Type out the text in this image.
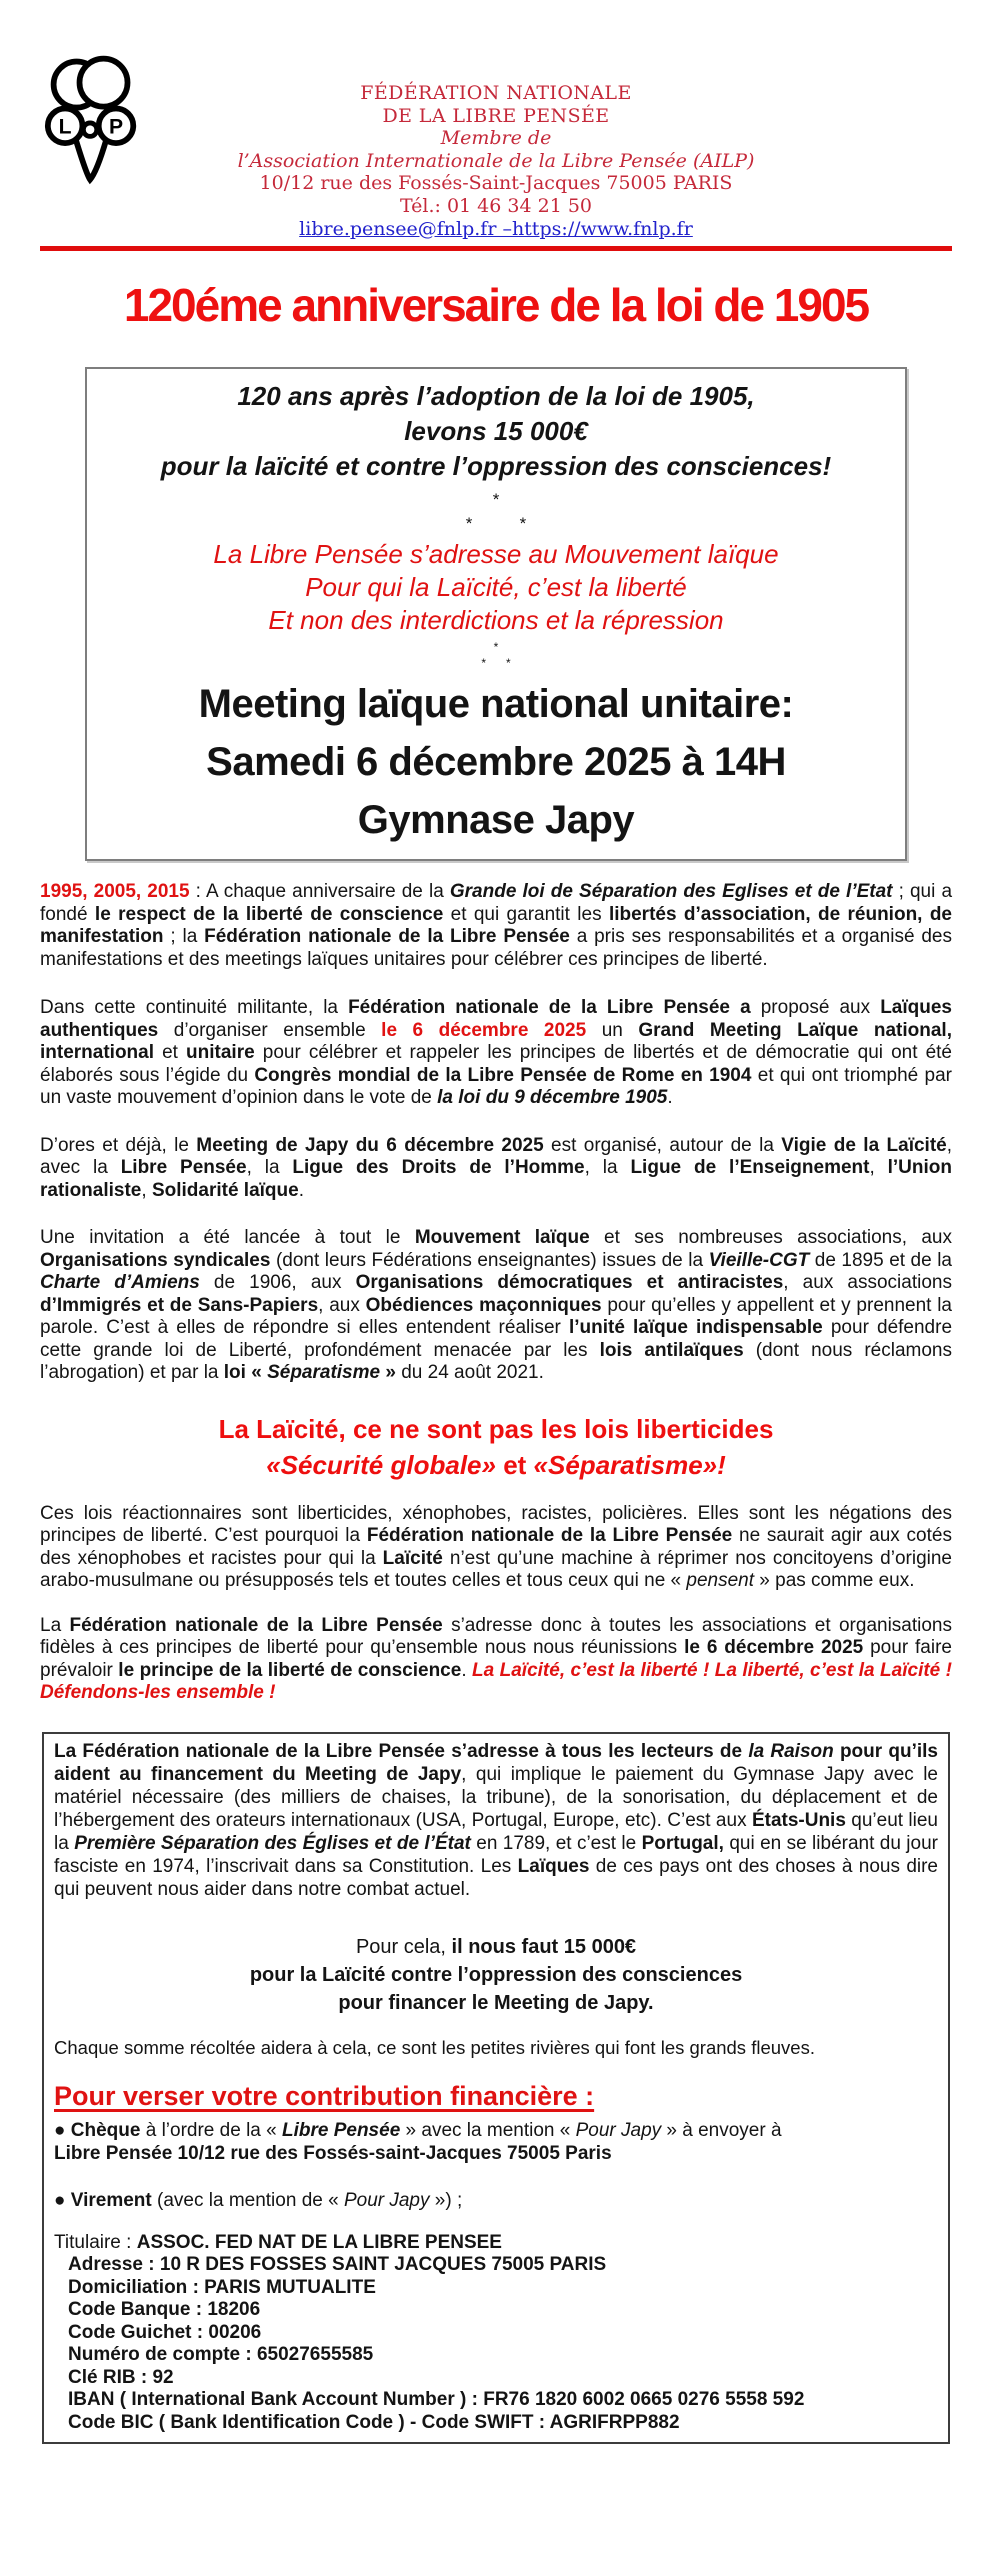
L P
FÉDÉRATION NATIONALE
DE LA LIBRE PENSÉE
Membre de
l’Association Internationale de la Libre Pensée (AILP)
10/12 rue des Fossés-Saint-Jacques 75005 PARIS
Tél.: 01 46 34 21 50
libre.pensee@fnlp.fr –https://www.fnlp.fr
120éme anniversaire de la loi de 1905
120 ans après l’adoption de la loi de 1905,
levons 15 000€
pour la laïcité et contre l’oppression des consciences!
*
*          *
La Libre Pensée s’adresse au Mouvement laïque
Pour qui la Laïcité, c’est la liberté
Et non des interdictions et la répression
*
*      *
Meeting laïque national unitaire:
Samedi 6 décembre 2025 à 14H
Gymnase Japy

1995, 2005, 2015 : A chaque anniversaire de la Grande loi de Séparation des Eglises et de l’Etat ; qui a fondé le respect de la liberté de conscience et qui garantit les libertés d’association, de réunion, de manifestation ; la Fédération nationale de la Libre Pensée a pris ses responsabilités et a organisé des manifestations et des meetings laïques unitaires pour célébrer ces principes de liberté.

Dans cette continuité militante, la Fédération nationale de la Libre Pensée a proposé aux Laïques authentiques d’organiser ensemble le 6 décembre 2025 un Grand Meeting Laïque national, international et unitaire pour célébrer et rappeler les principes de libertés et de démocratie qui ont été élaborés sous l’égide du Congrès mondial de la Libre Pensée de Rome en 1904 et qui ont triomphé par un vaste mouvement d’opinion dans le vote de la loi du 9 décembre 1905.

D’ores et déjà, le Meeting de Japy du 6 décembre 2025 est organisé, autour de la Vigie de la Laïcité, avec la Libre Pensée, la Ligue des Droits de l’Homme, la Ligue de l’Enseignement, l’Union rationaliste, Solidarité laïque.

Une invitation a été lancée à tout le Mouvement laïque et ses nombreuses associations, aux Organisations syndicales (dont leurs Fédérations enseignantes) issues de la Vieille-CGT de 1895 et de la Charte d’Amiens de 1906, aux Organisations démocratiques et antiracistes, aux associations d’Immigrés et de Sans-Papiers, aux Obédiences maçonniques pour qu’elles y appellent et y prennent la parole. C’est à elles de répondre si elles entendent réaliser l’unité laïque indispensable pour défendre cette grande loi de Liberté, profondément menacée par les lois antilaïques (dont nous réclamons l’abrogation) et par la loi « Séparatisme » du 24 août 2021.

La Laïcité, ce ne sont pas les lois liberticides
«Sécurité globale» et «Séparatisme»!

Ces lois réactionnaires sont liberticides, xénophobes, racistes, policières. Elles sont les négations des principes de liberté. C’est pourquoi la Fédération nationale de la Libre Pensée ne saurait agir aux cotés des xénophobes et racistes pour qui la Laïcité n’est qu’une machine à réprimer nos concitoyens d’origine arabo-musulmane ou présupposés tels et toutes celles et tous ceux qui ne « pensent » pas comme eux.

La Fédération nationale de la Libre Pensée s’adresse donc à toutes les associations et organisations fidèles à ces principes de liberté pour qu’ensemble nous nous réunissions le 6 décembre 2025 pour faire prévaloir le principe de la liberté de conscience. La Laïcité, c’est la liberté ! La liberté, c’est la Laïcité ! Défendons-les ensemble !

La Fédération nationale de la Libre Pensée s’adresse à tous les lecteurs de la Raison pour qu’ils aident au financement du Meeting de Japy, qui implique le paiement du Gymnase Japy avec le matériel nécessaire (des milliers de chaises, la tribune), de la sonorisation, du déplacement et de l’hébergement des orateurs internationaux (USA, Portugal, Europe, etc). C’est aux États-Unis qu’eut lieu la Première Séparation des Églises et de l’État en 1789, et c’est le Portugal, qui en se libérant du jour fasciste en 1974, l’inscrivait dans sa Constitution. Les Laïques de ces pays ont des choses à nous dire qui peuvent nous aider dans notre combat actuel.

Pour cela, il nous faut 15 000€
pour la Laïcité contre l’oppression des consciences
pour financer le Meeting de Japy.

Chaque somme récoltée aidera à cela, ce sont les petites rivières qui font les grands fleuves.

Pour verser votre contribution financière :

● Chèque à l’ordre de la « Libre Pensée » avec la mention « Pour Japy » à envoyer à

Libre Pensée 10/12 rue des Fossés-saint-Jacques 75005 Paris

● Virement (avec la mention de « Pour Japy ») ;

Titulaire : ASSOC. FED NAT DE LA LIBRE PENSEE
Adresse : 10 R DES FOSSES SAINT JACQUES 75005 PARIS
Domiciliation : PARIS MUTUALITE
Code Banque : 18206
Code Guichet : 00206
Numéro de compte : 65027655585
Clé RIB : 92
IBAN ( International Bank Account Number ) : FR76 1820 6002 0665 0276 5558 592
Code BIC ( Bank Identification Code ) - Code SWIFT : AGRIFRPP882
